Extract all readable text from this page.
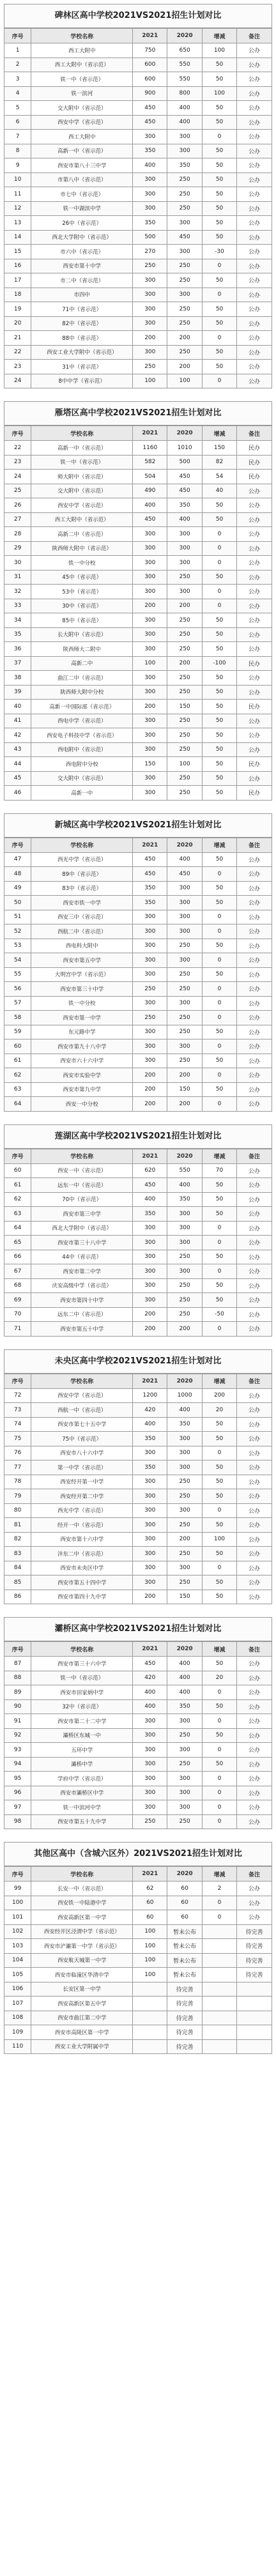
碑林区高中学校2021VS2021招生计划对比
序号	学校名称	2021	2020	增减	备注
1	西工大附中	750	650	100	公办
2	西工大附中（省示范）	600	550	50	公办
3	铁一中（省示范）	600	550	50	公办
4	铁一滨河	900	800	100	公办
5	交大附中（省示范）	450	400	50	公办
6	西安中学（省示范）	450	400	50	公办
7	西工大附中	300	300	0	公办
8	高新一中（省示范）	350	300	50	公办
9	西安市第八十三中学	400	350	50	公办
10	市第八中（省示范）	300	250	50	公办
11	市七中（省示范）	300	250	50	公办
12	铁一中湖滨中学	300	250	50	公办
13	26中（省示范）	350	300	50	公办
14	西北大学附中（省示范）	500	450	50	公办
15	市六中（省示范）	270	300	-30	公办
16	西安市第十中学	250	250	0	公办
17	市二中（省示范）	300	250	50	公办
18	市四中	300	300	0	公办
19	71中（省示范）	300	250	50	公办
20	82中（省示范）	300	250	50	公办
21	88中（省示范）	200	200	0	公办
22	西安工业大学附中（省示范）	300	250	50	公办
23	31中（省示范）	250	200	50	公办
24	8中中学（省示范）	100	100	0	公办
雁塔区高中学校2021VS2021招生计划对比
序号	学校名称	2021	2020	增减	备注
22	高新一中（省示范）	1160	1010	150	民办
23	铁一中（省示范）	582	500	82	民办
24	师大附中（省示范）	504	450	54	民办
25	交大附中（省示范）	490	450	40	公办
26	西安中学（省示范）	400	350	50	公办
27	西工大附中（省示范）	450	400	50	公办
28	高新二中（省示范）	300	300	0	公办
29	陕西师大附中（省示范）	300	300	0	公办
30	铁一中分校	300	300	0	公办
31	45中（省示范）	300	250	50	公办
32	53中（省示范）	300	300	0	公办
33	30中（省示范）	200	200	0	公办
34	85中（省示范）	300	250	50	公办
35	长大附中（省示范）	300	250	50	公办
36	陕西师大二附中	300	250	50	公办
37	高新二中	100	200	-100	民办
38	曲江二中（省示范）	300	250	50	公办
39	陕西师大附中分校	300	250	50	公办
40	高新一中国际部（省示范）	200	150	50	民办
41	西电中学（省示范）	300	250	50	公办
42	西安电子科技中学（省示范）	300	250	50	公办
43	西电附中（省示范）	300	250	50	公办
44	西电附中分校	150	100	50	民办
45	交大附中（省示范）	300	250	50	公办
46	高新一中	300	250	50	民办
新城区高中学校2021VS2021招生计划对比
序号	学校名称	2021	2020	增减	备注
47	西光中学（省示范）	450	400	50	公办
48	89中（省示范）	450	450	0	公办
49	83中（省示范）	350	300	50	公办
50	西安市铁一中学	350	300	50	公办
51	西安三中（省示范）	300	300	0	公办
52	西航二中（省示范）	300	300	0	公办
53	西电科大附中	300	250	50	公办
54	西安市第五中学	300	300	0	公办
55	大明宫中学（省示范）	300	250	50	公办
56	西安市第三十中学	250	250	0	公办
57	铁一中分校	300	300	0	公办
58	西安市第一中学	250	250	0	公办
59	东元路中学	300	250	50	公办
60	西安市第九十八中学	300	300	0	公办
61	西安市六十六中学	300	250	50	公办
62	西安市实验中学	200	200	0	公办
63	西安市第九中学	200	150	50	公办
64	西安一中分校	200	200	0	公办
莲湖区高中学校2021VS2021招生计划对比
序号	学校名称	2021	2020	增减	备注
60	西安一中（省示范）	620	550	70	公办
61	远东一中（省示范）	450	400	50	公办
62	70中（省示范）	400	350	50	公办
63	西安市第三中学	350	300	50	公办
64	西北大学附中（省示范）	300	300	0	公办
65	西安市第三十八中学	300	300	0	公办
66	44中（省示范）	300	250	50	公办
67	西安市第二中学	300	300	0	公办
68	庆安高级中学（省示范）	300	250	50	公办
69	西安市第四十中学	300	250	50	公办
70	远东二中（省示范）	200	250	-50	公办
71	西安市第五十中学	200	200	0	公办
未央区高中学校2021VS2021招生计划对比
序号	学校名称	2021	2020	增减	备注
72	西安中学（省示范）	1200	1000	200	公办
73	西航一中（省示范）	420	400	20	公办
74	西安市第七十五中学	400	350	50	公办
75	75中（省示范）	350	300	50	公办
76	西安市八十六中学	300	300	0	公办
77	第一中学（省示范）	350	300	50	公办
78	西安经开第一中学	300	250	50	公办
79	西安经开第二中学	300	250	50	公办
80	西光中学（省示范）	300	300	0	公办
81	经开一中（省示范）	300	250	50	公办
82	西安市第十六中学	300	200	100	公办
83	沣东二中（省示范）	300	250	50	公办
84	西安市未央区中学	300	300	0	公办
85	西安市第五十四中学	300	250	50	公办
86	西安市第四十九中学	200	150	50	公办
灞桥区高中学校2021VS2021招生计划对比
序号	学校名称	2021	2020	增减	备注
87	西安市第三十六中学	450	400	50	公办
88	铁一中（省示范）	420	400	20	公办
89	西安市田家炳中学	400	400	0	公办
90	32中（省示范）	400	350	50	公办
91	西安市第二十二中学	300	300	0	公办
92	灞桥区东城一中	300	250	50	公办
93	五环中学	300	300	0	公办
94	灞桥中学	300	250	50	公办
95	学府中学（省示范）	300	300	0	公办
96	西安市灞桥区中学	300	300	0	公办
97	铁一中滨河中学	300	300	0	公办
98	西安市第五十九中学	250	250	0	公办
其他区高中（含城六区外）2021VS2021招生计划对比
序号	学校名称	2021	2020	增减	备注
99	长安一中（省示范）	62	60	2	公办
100	西安铁一中陆港中学	60	60	0	公办
101	西安高新区第一中学	60	60	0	公办
102	西安经开区泾渭中学（省示范）	100	暂未公布		待完善
103	西安市浐灞第一中学（省示范）	100	暂未公布		待完善
104	西安航天城第一中学	100	暂未公布		待完善
105	西安市临潼区华清中学	100	暂未公布		待完善
106	长安区第一中学		待完善		
107	西安高新区第五中学		待完善		
108	西安市曲江第二中学		待完善		
109	西安市高陵区第一中学		待完善		
110	西安工业大学附属中学		待完善		
